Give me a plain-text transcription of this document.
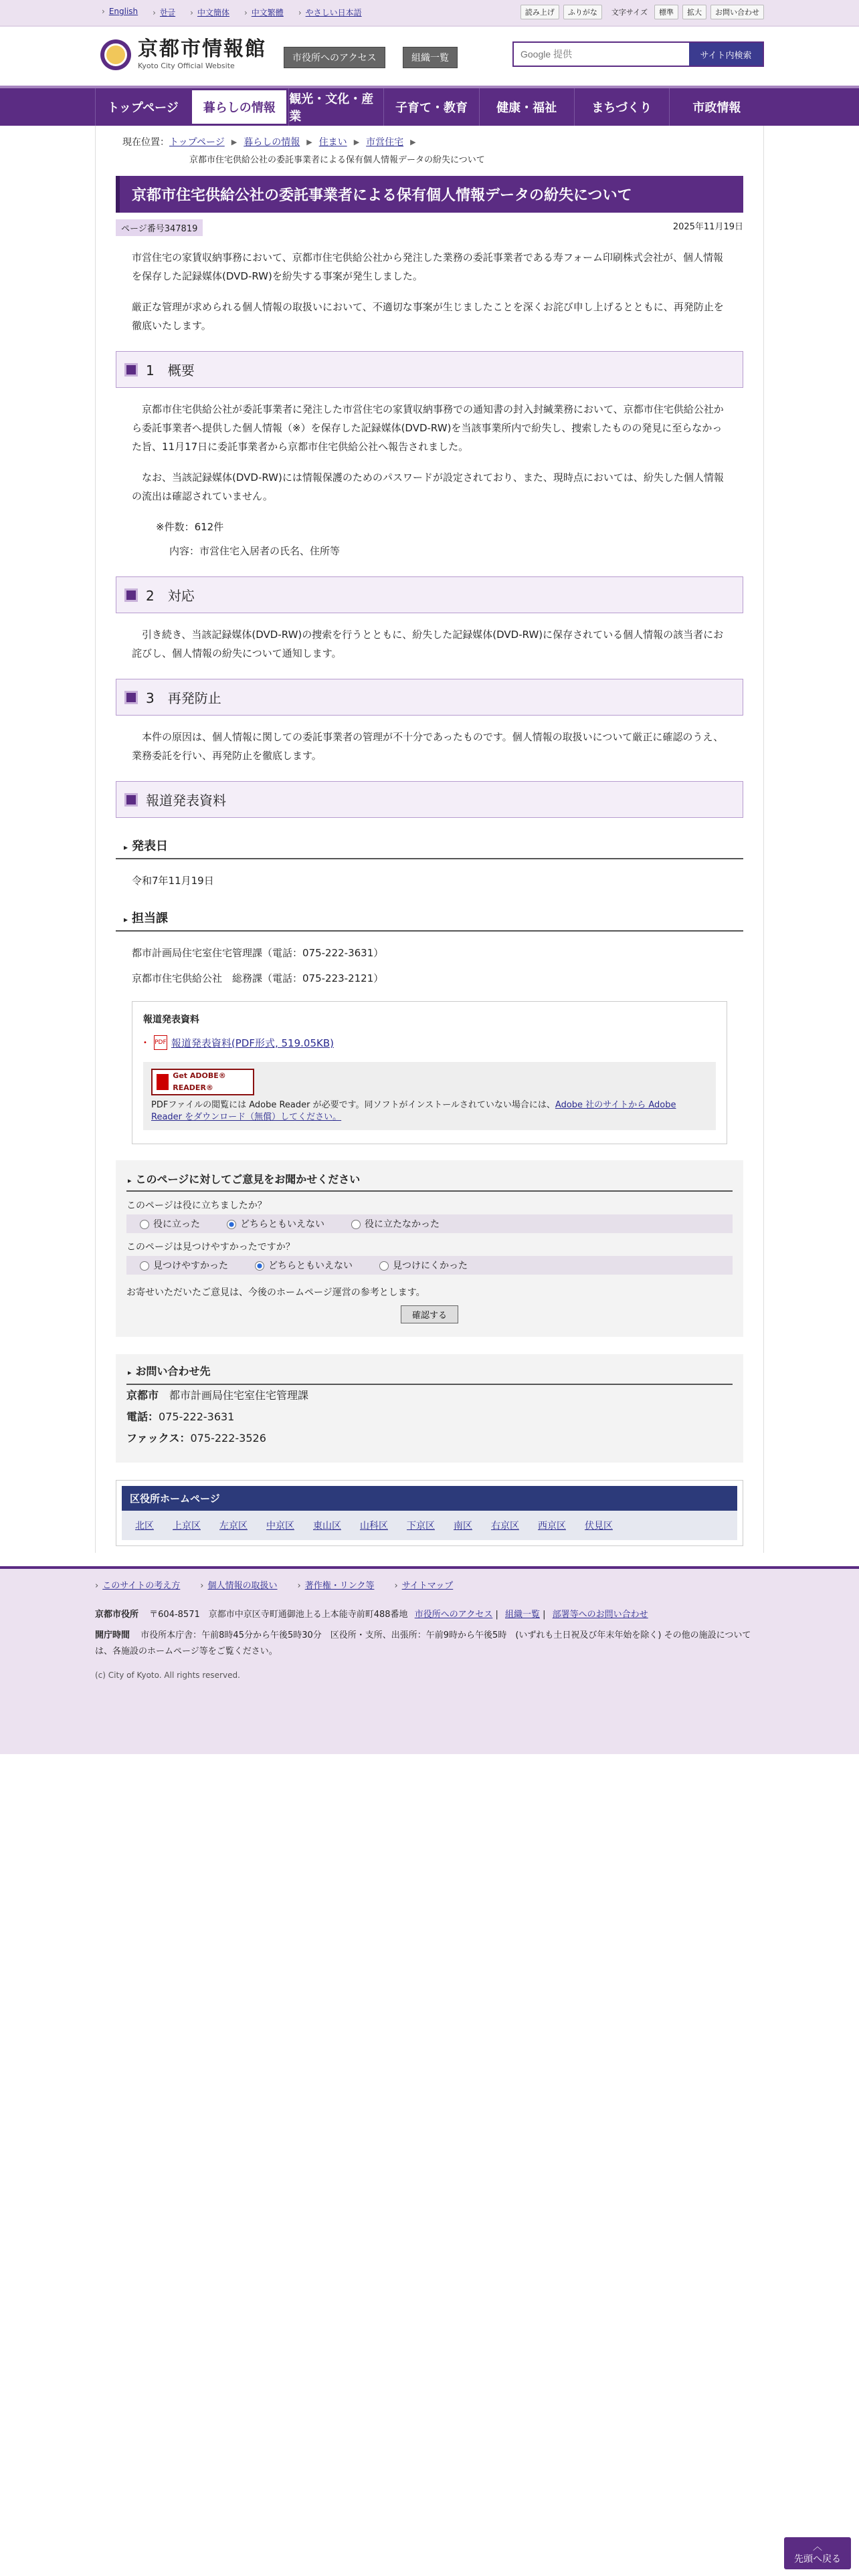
› English	› 한글	› 中文簡体	› 中文繁體	› やさしい日本語	読み上げ	ふりがな	文字サイズ	標準	拡大	お問い合わせ
京都市情報館
Kyoto City Official Website
市役所へのアクセス	組織一覧
Google 提供	サイト内検索
トップページ	暮らしの情報
観光・文化・産業
子育て・教育	健康・福祉	まちづくり	市政情報
現在位置： トップページ ▶ 暮らしの情報 ▶ 住まい ▶ 市営住宅 ▶
京都市住宅供給公社の委託事業者による保有個人情報データの紛失について
京都市住宅供給公社の委託事業者による保有個人情報データの紛失について
ページ番号347819	2025年11月19日

市営住宅の家賃収納事務において、京都市住宅供給公社から発注した業務の委託事業者である寿フォーム印刷株式会社が、個人情報を保存した記録媒体(DVD-RW)を紛失する事案が発生しました。

厳正な管理が求められる個人情報の取扱いにおいて、不適切な事案が生じましたことを深くお詫び申し上げるとともに、再発防止を徹底いたします。

1　概要

京都市住宅供給公社が委託事業者に発注した市営住宅の家賃収納事務での通知書の封入封緘業務において、京都市住宅供給公社から委託事業者へ提供した個人情報（※）を保存した記録媒体(DVD-RW)を当該事業所内で紛失し、捜索したものの発見に至らなかった旨、11月17日に委託事業者から京都市住宅供給公社へ報告されました。

なお、当該記録媒体(DVD-RW)には情報保護のためのパスワードが設定されており、また、現時点においては、紛失した個人情報の流出は確認されていません。

※件数：612件

内容：市営住宅入居者の氏名、住所等

2　対応

引き続き、当該記録媒体(DVD-RW)の捜索を行うとともに、紛失した記録媒体(DVD-RW)に保存されている個人情報の該当者にお詫びし、個人情報の紛失について通知します。

3　再発防止

本件の原因は、個人情報に関しての委託事業者の管理が不十分であったものです。個人情報の取扱いについて厳正に確認のうえ、業務委託を行い、再発防止を徹底します。

報道発表資料
▸ 発表日

令和7年11月19日

▸ 担当課

都市計画局住宅室住宅管理課（電話：075-222-3631）

京都市住宅供給公社　総務課（電話：075-223-2121）

報道発表資料
• PDF 報道発表資料(PDF形式, 519.05KB)
Get ADOBE® READER®
PDFファイルの閲覧には Adobe Reader が必要です。同ソフトがインストールされていない場合には、Adobe 社のサイトから Adobe Reader をダウンロード（無償）してください。
▸ このページに対してご意見をお聞かせください
このページは役に立ちましたか？
役に立った	どちらともいえない	役に立たなかった
このページは見つけやすかったですか？
見つけやすかった	どちらともいえない	見つけにくかった
お寄せいただいたご意見は、今後のホームページ運営の参考とします。
確認する
▸ お問い合わせ先
京都市　 都市計画局住宅室住宅管理課
電話：075-222-3631
ファックス：075-222-3526
区役所ホームページ
北区 上京区 左京区 中京区 東山区 山科区 下京区 南区 右京区 西京区 伏見区
› このサイトの考え方	› 個人情報の取扱い	› 著作権・リンク等	› サイトマップ
京都市役所 〒604-8571　京都市中京区寺町通御池上る上本能寺前町488番地 市役所へのアクセス | 組織一覧 | 部署等へのお問い合わせ
開庁時間 市役所本庁舎：午前8時45分から午後5時30分　区役所・支所、出張所：午前9時から午後5時　(いずれも土日祝及び年末年始を除く) その他の施設については、各施設のホームページ等をご覧ください。
(c) City of Kyoto. All rights reserved.
︿
先頭へ戻る
